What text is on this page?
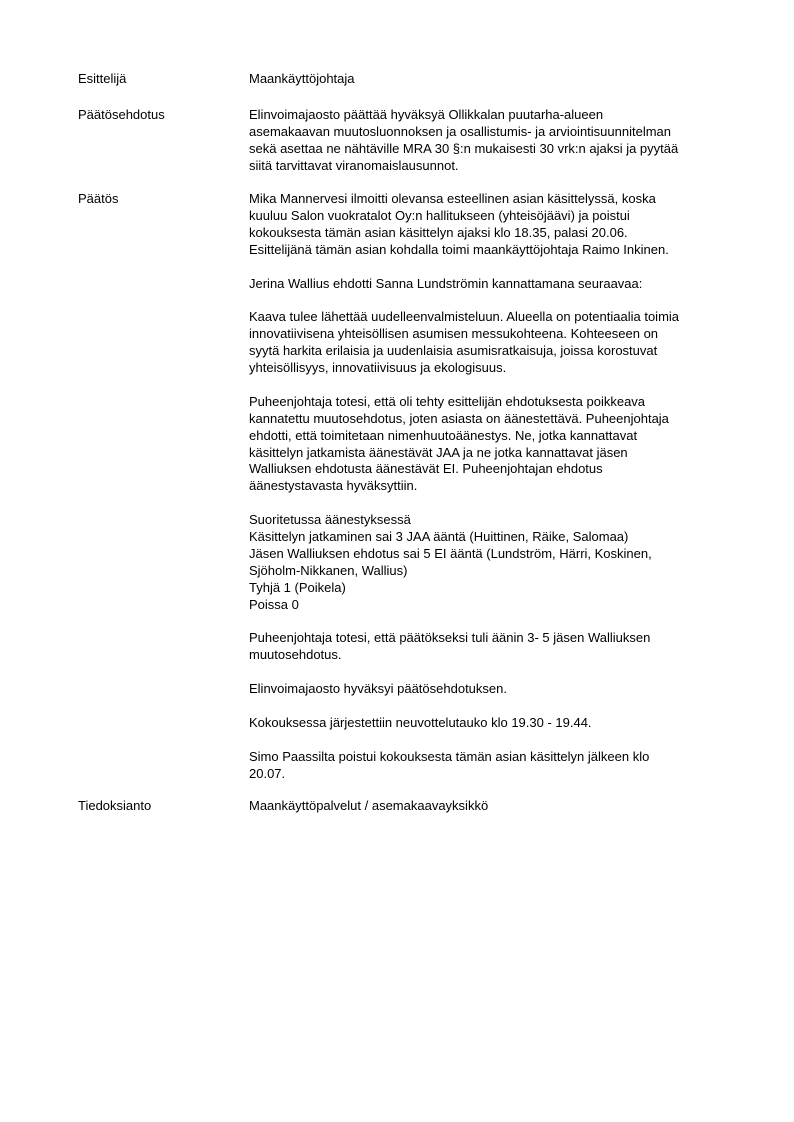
Esittelijä	Maankäyttöjohtaja

Päätösehdotus	Elinvoimajaosto päättää hyväksyä Ollikkalan puutarha-alueen
asemakaavan muutosluonnoksen ja osallistumis- ja arviointisuunnitelman
sekä asettaa ne nähtäville MRA 30 §:n mukaisesti 30 vrk:n ajaksi ja pyytää
siitä tarvittavat viranomaislausunnot.

Päätös	Mika Mannervesi ilmoitti olevansa esteellinen asian käsittelyssä, koska
kuuluu Salon vuokratalot Oy:n hallitukseen (yhteisöjäävi) ja poistui
kokouksesta tämän asian käsittelyn ajaksi klo 18.35, palasi 20.06.
Esittelijänä tämän asian kohdalla toimi maankäyttöjohtaja Raimo Inkinen.

Jerina Wallius ehdotti Sanna Lundströmin kannattamana seuraavaa:

Kaava tulee lähettää uudelleenvalmisteluun. Alueella on potentiaalia toimia
innovatiivisena yhteisöllisen asumisen messukohteena. Kohteeseen on
syytä harkita erilaisia ja uudenlaisia asumisratkaisuja, joissa korostuvat
yhteisöllisyys, innovatiivisuus ja ekologisuus.

Puheenjohtaja totesi, että oli tehty esittelijän ehdotuksesta poikkeava
kannatettu muutosehdotus, joten asiasta on äänestettävä. Puheenjohtaja
ehdotti, että toimitetaan nimenhuutoäänestys. Ne, jotka kannattavat
käsittelyn jatkamista äänestävät JAA ja ne jotka kannattavat jäsen
Walliuksen ehdotusta äänestävät EI. Puheenjohtajan ehdotus
äänestystavasta hyväksyttiin.

Suoritetussa äänestyksessä
Käsittelyn jatkaminen sai 3 JAA ääntä (Huittinen, Räike, Salomaa)
Jäsen Walliuksen ehdotus sai 5 EI ääntä (Lundström, Härri, Koskinen,
Sjöholm-Nikkanen, Wallius)
Tyhjä 1 (Poikela)
Poissa 0

Puheenjohtaja totesi, että päätökseksi tuli äänin 3- 5 jäsen Walliuksen
muutosehdotus.

Elinvoimajaosto hyväksyi päätösehdotuksen.

Kokouksessa järjestettiin neuvottelutauko klo 19.30 - 19.44.

Simo Paassilta poistui kokouksesta tämän asian käsittelyn jälkeen klo
20.07.

Tiedoksianto	Maankäyttöpalvelut / asemakaavayksikkö
